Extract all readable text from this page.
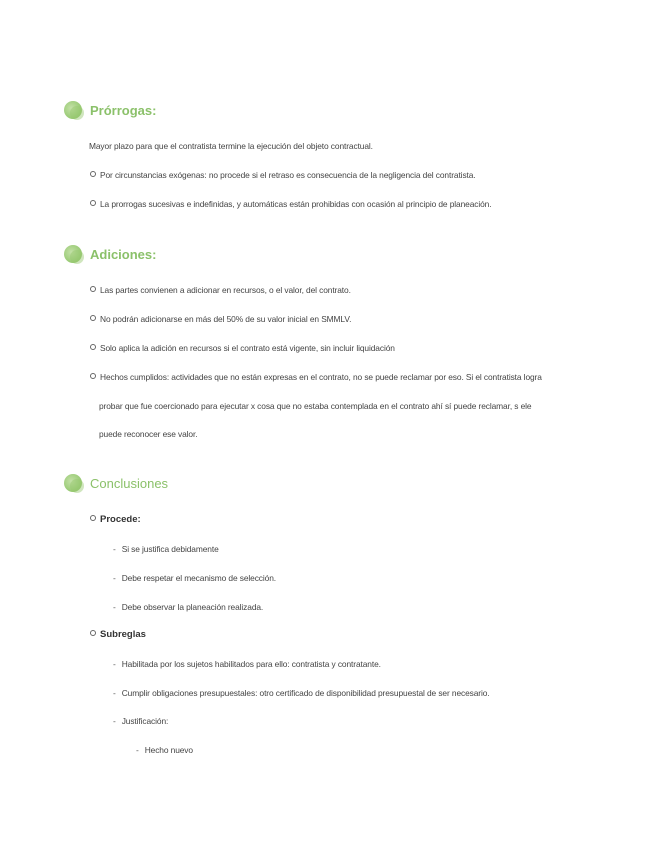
Prórrogas:
Mayor plazo para que el contratista termine la ejecución del objeto contractual.
Por circunstancias exógenas: no procede si el retraso es consecuencia de la negligencia del contratista.
La prorrogas sucesivas e indefinidas, y automáticas están prohibidas con ocasión al principio de planeación.
Adiciones:
Las partes convienen a adicionar en recursos, o el valor, del contrato.
No podrán adicionarse en más del 50% de su valor inicial en SMMLV.
Solo aplica la adición en recursos si el contrato está vigente, sin incluir liquidación
Hechos cumplidos: actividades que no están expresas en el contrato, no se puede reclamar por eso. Si el contratista logra
probar que fue coercionado para ejecutar x cosa que no estaba contemplada en el contrato ahí sí puede reclamar, s ele
puede reconocer ese valor.
Conclusiones
Procede:
- Si se justifica debidamente
- Debe respetar el mecanismo de selección.
- Debe observar la planeación realizada.
Subreglas
- Habilitada por los sujetos habilitados para ello: contratista y contratante.
- Cumplir obligaciones presupuestales: otro certificado de disponibilidad presupuestal de ser necesario.
- Justificación:
- Hecho nuevo
